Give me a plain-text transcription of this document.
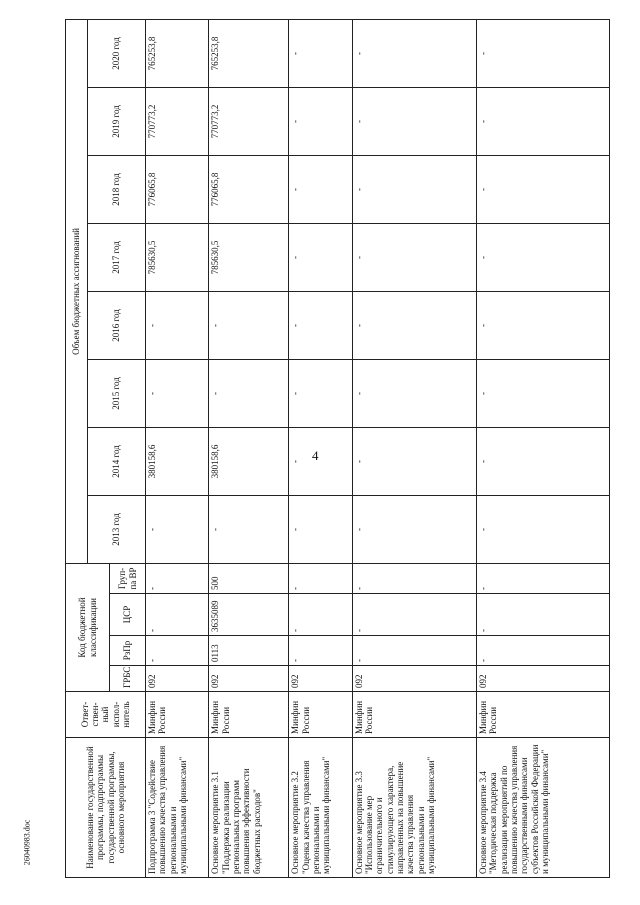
4
26040983.doc	Наименование государственной программы, подпрограммы государственной программы, основного мероприятия	Ответ-ствен-ный испол-нитель	Код бюджетной классификации				Объем бюджетных ассигнований							
						2013 год	2014 год	2015 год	2016 год	2017 год	2018 год	2019 год	2020 год
		ГРБС	РзПр	ЦСР	Груп-па ВР								
Подпрограмма 3 "Содействие повышению качества управления региональными и муниципальными финансами"	Минфин России	092	-	-	-	-	380158,6	-	-	785630,5	776065,8	770773,2	765253,8
Основное мероприятие 3.1 "Поддержка реализации региональных программ повышения эффективности бюджетных расходов"	Минфин России	092	0113	3635089	500	-	380158,6	-	-	785630,5	776065,8	770773,2	765253,8
Основное мероприятие 3.2 "Оценка качества управления региональными и муниципальными финансами"	Минфин России	092	-	-	-	-	-	-	-	-	-	-	-
Основное мероприятие 3.3 "Использование мер ограничительного и стимулирующего характера, направленных на повышение качества управления региональными и муниципальными финансами"	Минфин России	092	-	-	-	-	-	-	-	-	-	-	-
Основное мероприятие 3.4 "Методическая поддержка реализации мероприятий по повышению качества управления государственными финансами субъектов Российской Федерации и муниципальными финансами"	Минфин России	092	-	-	-	-	-	-	-	-	-	-	-
